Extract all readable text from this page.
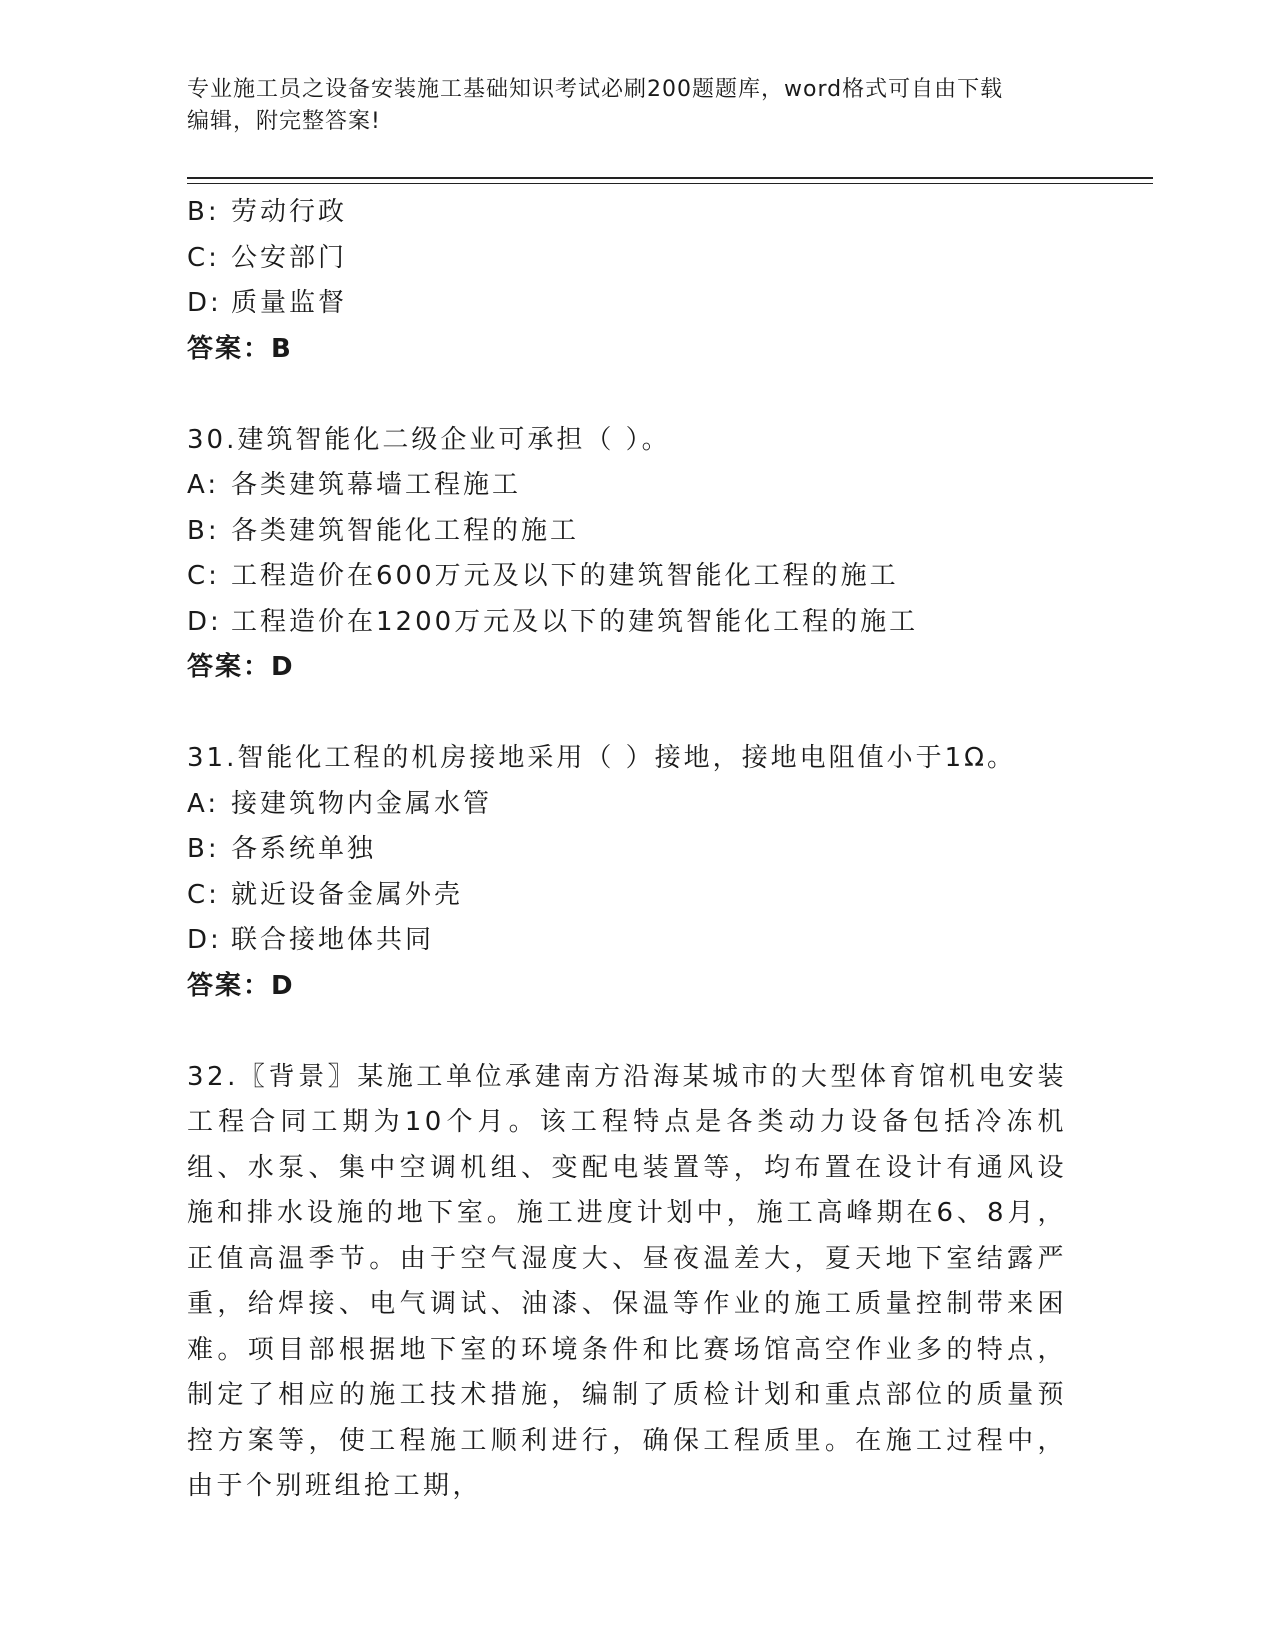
专业施工员之设备安装施工基础知识考试必刷200题题库，word格式可自由下载
编辑，附完整答案!
B: 劳动行政
C: 公安部门
D: 质量监督
答案：B
30.建筑智能化二级企业可承担（ ）。
A: 各类建筑幕墙工程施工
B: 各类建筑智能化工程的施工
C: 工程造价在600万元及以下的建筑智能化工程的施工
D: 工程造价在1200万元及以下的建筑智能化工程的施工
答案：D
31.智能化工程的机房接地采用（ ）接地，接地电阻值小于1Ω。
A: 接建筑物内金属水管
B: 各系统单独
C: 就近设备金属外壳
D: 联合接地体共同
答案：D
32.〖背景〗某施工单位承建南方沿海某城市的大型体育馆机电安装工程合同工期为10个月。该工程特点是各类动力设备包括冷冻机组、水泵、集中空调机组、变配电装置等，均布置在设计有通风设施和排水设施的地下室。施工进度计划中，施工高峰期在6、8月，正值高温季节。由于空气湿度大、昼夜温差大，夏天地下室结露严重，给焊接、电气调试、油漆、保温等作业的施工质量控制带来困难。项目部根据地下室的环境条件和比赛场馆高空作业多的特点，制定了相应的施工技术措施，编制了质检计划和重点部位的质量预控方案等，使工程施工顺利进行，确保工程质里。在施工过程中，由于个别班组抢工期，
